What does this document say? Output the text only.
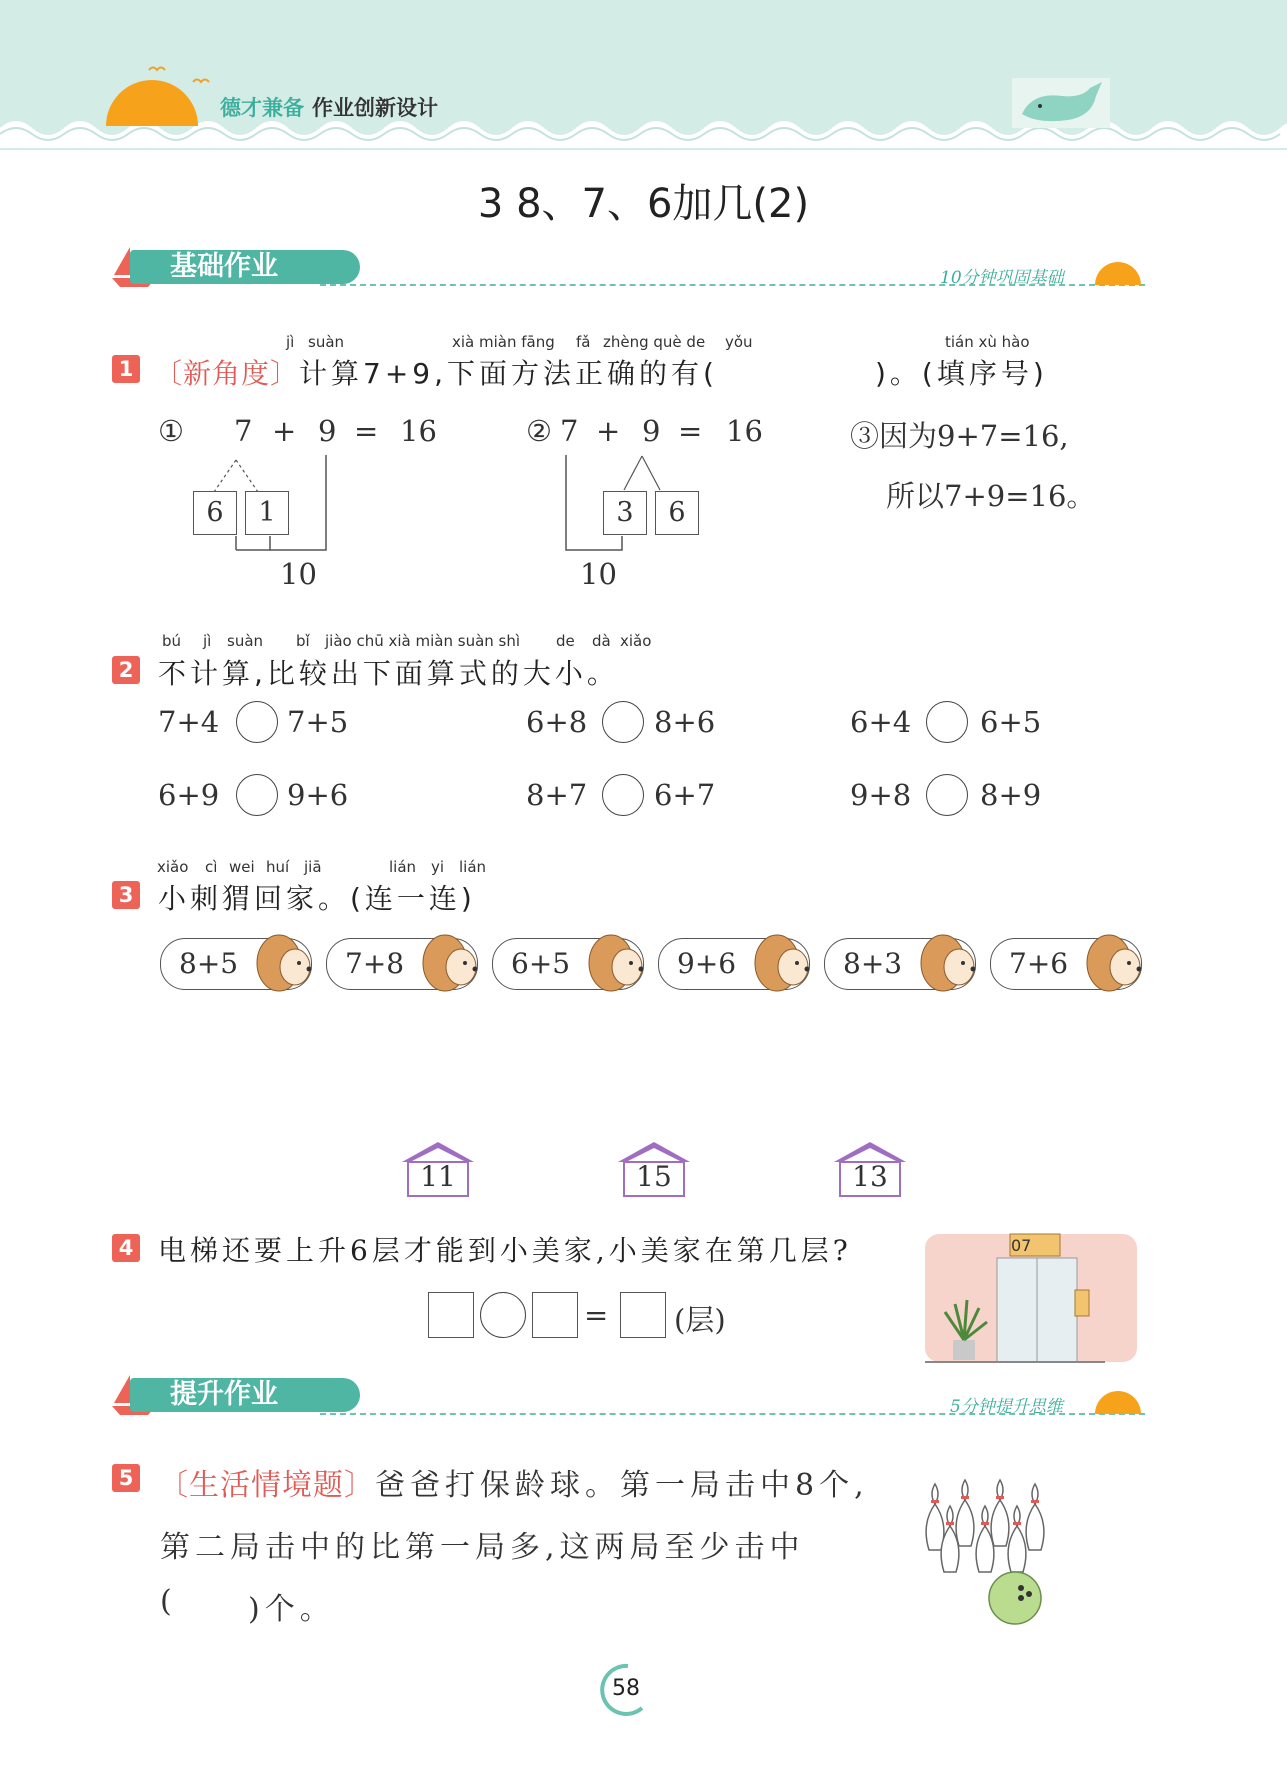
德才兼备 作业创新设计
3 8、7、6加几(2)
基础作业	10分钟巩固基础
jì suàn	xià miàn fāng fǎ zhèng què de yǒu	tián xù hào
1 〔新角度〕计算7+9,下面方法正确的有(	)。(填序号)
① 7 + 9 = 16
6	1
10
② 7 + 9 = 16
3	6
10
③因为9+7=16,
所以7+9=16。
bú jì suàn bǐ jiào chū xià miàn suàn shì de dà xiǎo
2 不计算,比较出下面算式的大小。
7+4 7+5	6+8 8+6	6+4 6+5
6+9 9+6	8+7 6+7	9+8 8+9
xiǎo cì wei huí jiā	lián yi lián
3 小刺猬回家。(连一连)
8+5	7+8	6+5	9+6	8+3	7+6
11	15	13
4 电梯还要上升6层才能到小美家,小美家在第几层?
= (层)
07
提升作业	5分钟提升思维
5 〔生活情境题〕爸爸打保龄球。第一局击中8个,
第二局击中的比第一局多,这两局至少击中
( )个。
58
